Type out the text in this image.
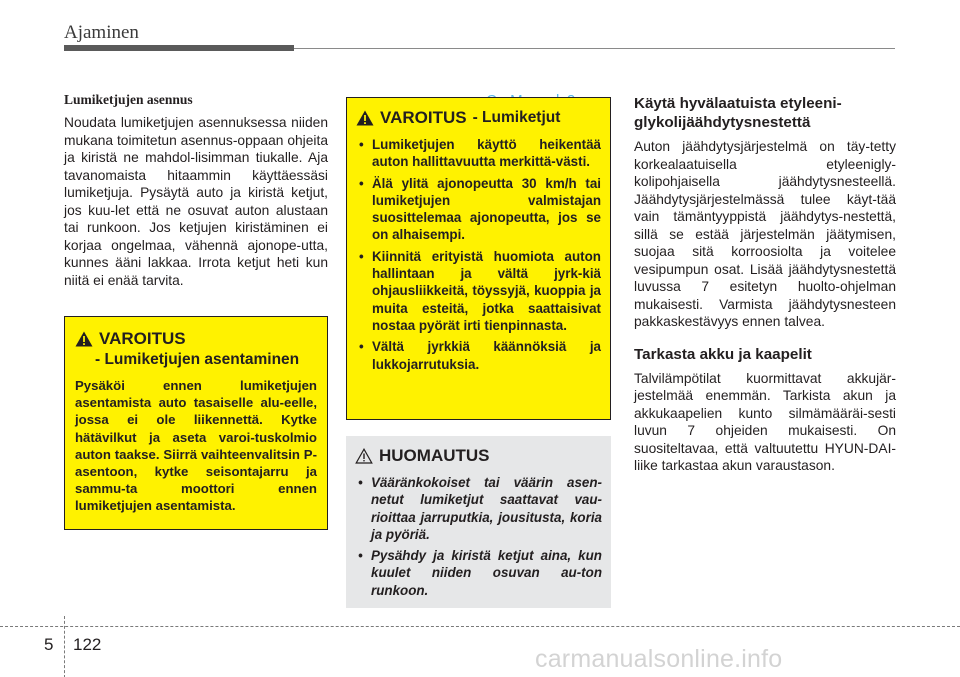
Ajaminen
Lumiketjujen asennus
Noudata lumiketjujen asennuksessa niiden mukana toimitetun asennus-oppaan ohjeita ja kiristä ne mahdol-lisimman tiukalle. Aja tavanomaista hitaammin käyttäessäsi lumiketjuja. Pysäytä auto ja kiristä ketjut, jos kuu-let että ne osuvat auton alustaan tai runkoon. Jos ketjujen kiristäminen ei korjaa ongelmaa, vähennä ajonope-utta, kunnes ääni lakkaa. Irrota ketjut heti kun niitä ei enää tarvita.
VAROITUS
- Lumiketjujen asentaminen
Pysäköi ennen lumiketjujen asentamista auto tasaiselle alu-eelle, jossa ei ole liikennettä. Kytke hätävilkut ja aseta varoi-tuskolmio auton taakse. Siirrä vaihteenvalitsin P-asentoon, kytke seisontajarru ja sammu-ta moottori ennen lumiketjujen asentamista.
VAROITUS - Lumiketjut
• Lumiketjujen käyttö heikentää auton hallittavuutta merkittä-västi.
• Älä ylitä ajonopeutta 30 km/h tai lumiketjujen valmistajan suosittelemaa ajonopeutta, jos se on alhaisempi.
• Kiinnitä erityistä huomiota auton hallintaan ja vältä jyrk-kiä ohjausliikkeitä, töyssyjä, kuoppia ja muita esteitä, jotka saattaisivat nostaa pyörät irti tienpinnasta.
• Vältä jyrkkiä käännöksiä ja lukkojarrutuksia.
HUOMAUTUS
• Vääränkokoiset tai väärin asen-netut lumiketjut saattavat vau-rioittaa jarruputkia, jousitusta, koria ja pyöriä.
• Pysähdy ja kiristä ketjut aina, kun kuulet niiden osuvan au-ton runkoon.
Käytä hyvälaatuista etyleeni-glykolijäähdytysnestettä
Auton jäähdytysjärjestelmä on täy-tetty korkealaatuisella etyleenigly-kolipohjaisella jäähdytysnesteellä. Jäähdytysjärjestelmässä tulee käyt-tää vain tämäntyyppistä jäähdytys-nestettä, sillä se estää järjestelmän jäätymisen, suojaa sitä korroosiolta ja voitelee vesipumpun osat. Lisää jäähdytysnestettä luvussa 7 esitetyn huolto-ohjelman mukaisesti. Varmista jäähdytysnesteen pakkaskestävyys ennen talvea.
Tarkasta akku ja kaapelit
Talvilämpötilat kuormittavat akkujär-jestelmää enemmän. Tarkista akun ja akkukaapelien kunto silmämääräi-sesti luvun 7 ohjeiden mukaisesti. On suositeltavaa, että valtuutettu HYUN-DAI-liike tarkastaa akun varaustason.
5 122
carmanualsonline.info
